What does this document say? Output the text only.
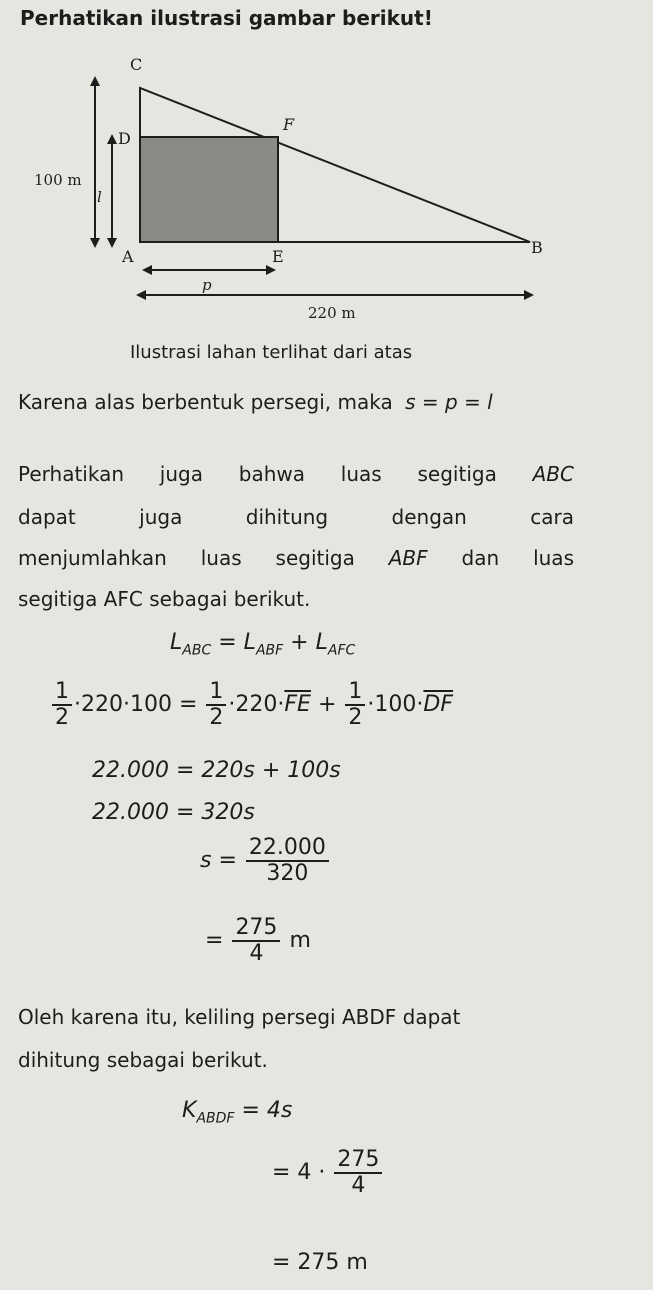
Perhatikan ilustrasi gambar berikut!
C
D
F
100 m
l
A	E	B
p
220 m
Ilustrasi lahan terlihat dari atas
Karena alas berbentuk persegi, maka s = p = l
Perhatikan juga bahwa luas segitiga ABC
dapat	juga	dihitung	dengan	cara
menjumlahkan luas segitiga ABF dan luas
segitiga AFC sebagai berikut.
$L_{ABC} = L_{ABF} + L_{AFC}$
$\frac{1}{2} \cdot 220\cdot 100 = \frac{1}{2} \cdot 220\cdot\overline{FE} + \frac{1}{2} \cdot 100\cdot\overline{DF}$
22.000 = 220s + 100s
22.000 = 320s
$s = \frac{22.000}{320}$
= $\frac{275}{4}$ m
Oleh karena itu, keliling persegi ABDF dapat
dihitung sebagai berikut.
$K_{ABDF} = 4s$
= $4 \cdot \frac{275}{4}$
= 275 m
